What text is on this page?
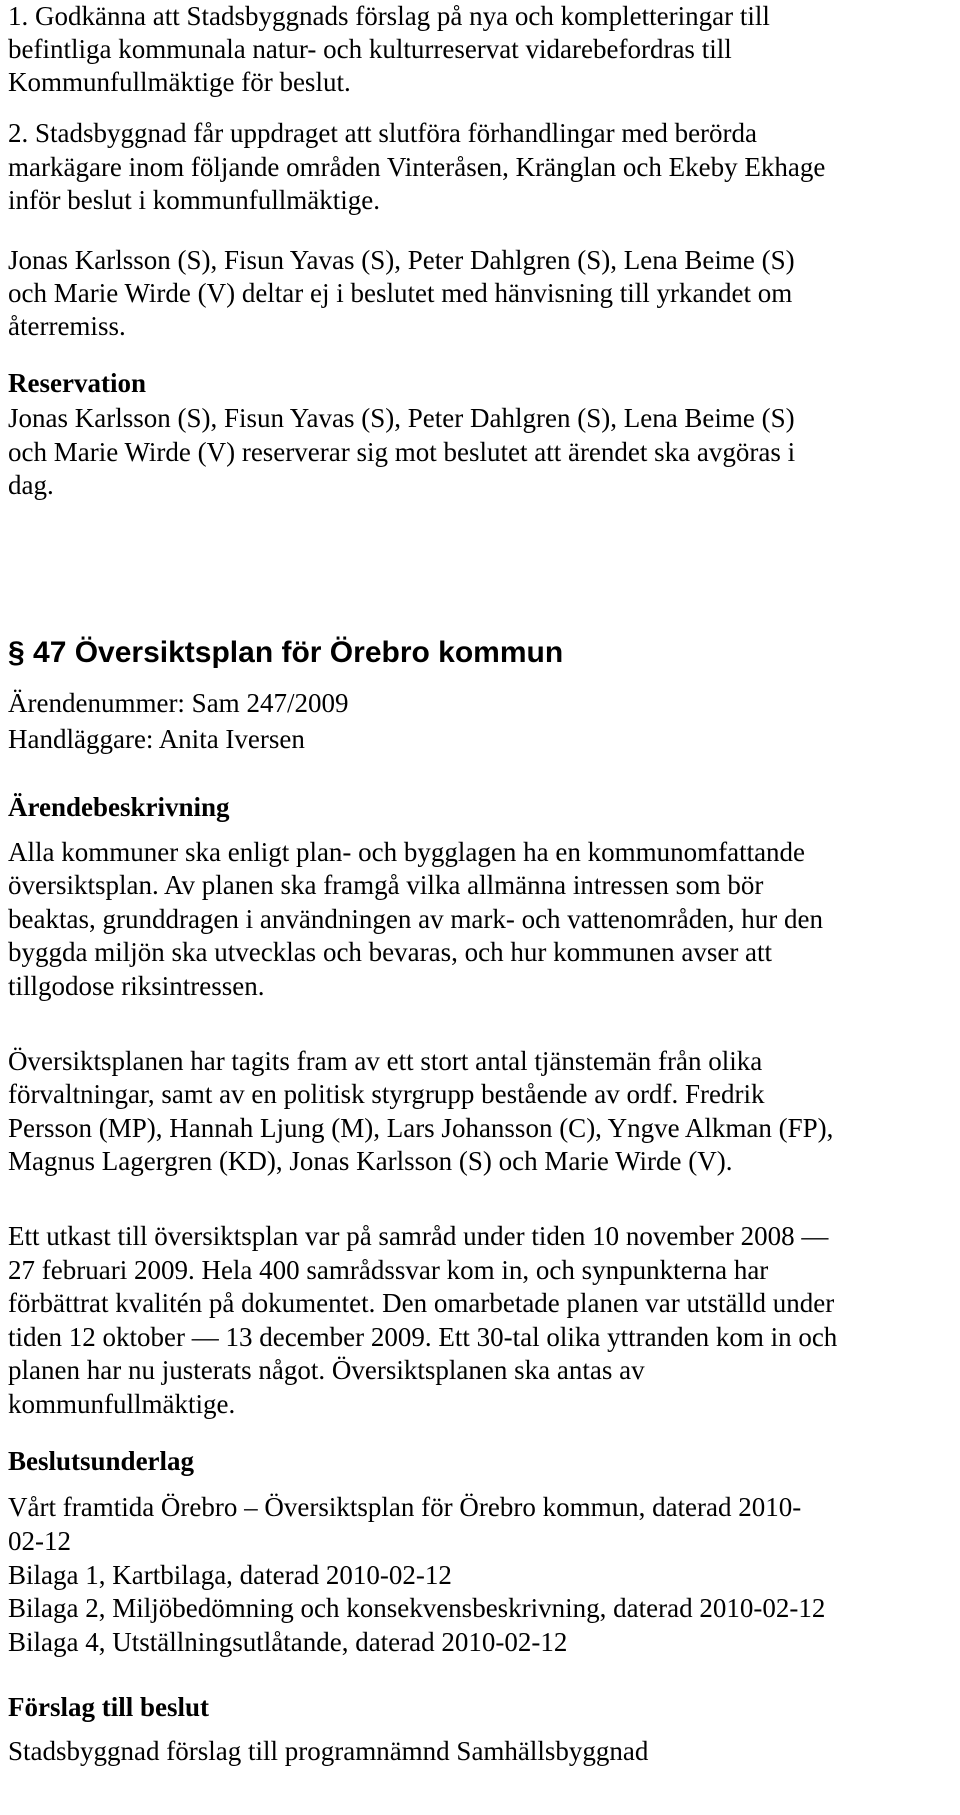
1. Godkänna att Stadsbyggnads förslag på nya och kompletteringar till

befintliga kommunala natur- och kulturreservat vidarebefordras till

Kommunfullmäktige för beslut.

2. Stadsbyggnad får uppdraget att slutföra förhandlingar med berörda

markägare inom följande områden Vinteråsen, Kränglan och Ekeby Ekhage

inför beslut i kommunfullmäktige.

Jonas Karlsson (S), Fisun Yavas (S), Peter Dahlgren (S), Lena Beime (S)

och Marie Wirde (V) deltar ej i beslutet med hänvisning till yrkandet om

återremiss.

Reservation

Jonas Karlsson (S), Fisun Yavas (S), Peter Dahlgren (S), Lena Beime (S)

och Marie Wirde (V) reserverar sig mot beslutet att ärendet ska avgöras i

dag.

§ 47 Översiktsplan för Örebro kommun

Ärendenummer: Sam 247/2009

Handläggare: Anita Iversen

Ärendebeskrivning

Alla kommuner ska enligt plan- och bygglagen ha en kommunomfattande

översiktsplan. Av planen ska framgå vilka allmänna intressen som bör

beaktas, grunddragen i användningen av mark- och vattenområden, hur den

byggda miljön ska utvecklas och bevaras, och hur kommunen avser att

tillgodose riksintressen.

Översiktsplanen har tagits fram av ett stort antal tjänstemän från olika

förvaltningar, samt av en politisk styrgrupp bestående av ordf. Fredrik

Persson (MP), Hannah Ljung (M), Lars Johansson (C), Yngve Alkman (FP),

Magnus Lagergren (KD), Jonas Karlsson (S) och Marie Wirde (V).

Ett utkast till översiktsplan var på samråd under tiden 10 november 2008 —

27 februari 2009. Hela 400 samrådssvar kom in, och synpunkterna har

förbättrat kvalitén på dokumentet. Den omarbetade planen var utställd under

tiden 12 oktober — 13 december 2009. Ett 30-tal olika yttranden kom in och

planen har nu justerats något. Översiktsplanen ska antas av

kommunfullmäktige.

Beslutsunderlag

Vårt framtida Örebro – Översiktsplan för Örebro kommun, daterad 2010-

02-12

Bilaga 1, Kartbilaga, daterad 2010-02-12

Bilaga 2, Miljöbedömning och konsekvensbeskrivning, daterad 2010-02-12

Bilaga 4, Utställningsutlåtande, daterad 2010-02-12

Förslag till beslut

Stadsbyggnad förslag till programnämnd Samhällsbyggnad
